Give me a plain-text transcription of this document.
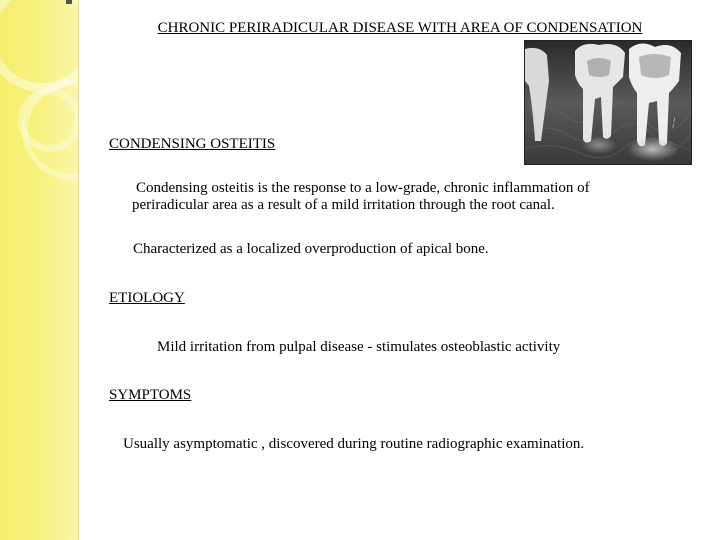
CHRONIC PERIRADICULAR DISEASE WITH AREA OF CONDENSATION
~~
CONDENSING OSTEITIS
Condensing osteitis is the response to a low-grade, chronic inflammation of periradicular area as a result of a mild irritation through the root canal.
Characterized as a localized overproduction of apical bone.
ETIOLOGY
Mild irritation from pulpal disease - stimulates osteoblastic activity
SYMPTOMS
Usually asymptomatic , discovered during routine radiographic examination.
